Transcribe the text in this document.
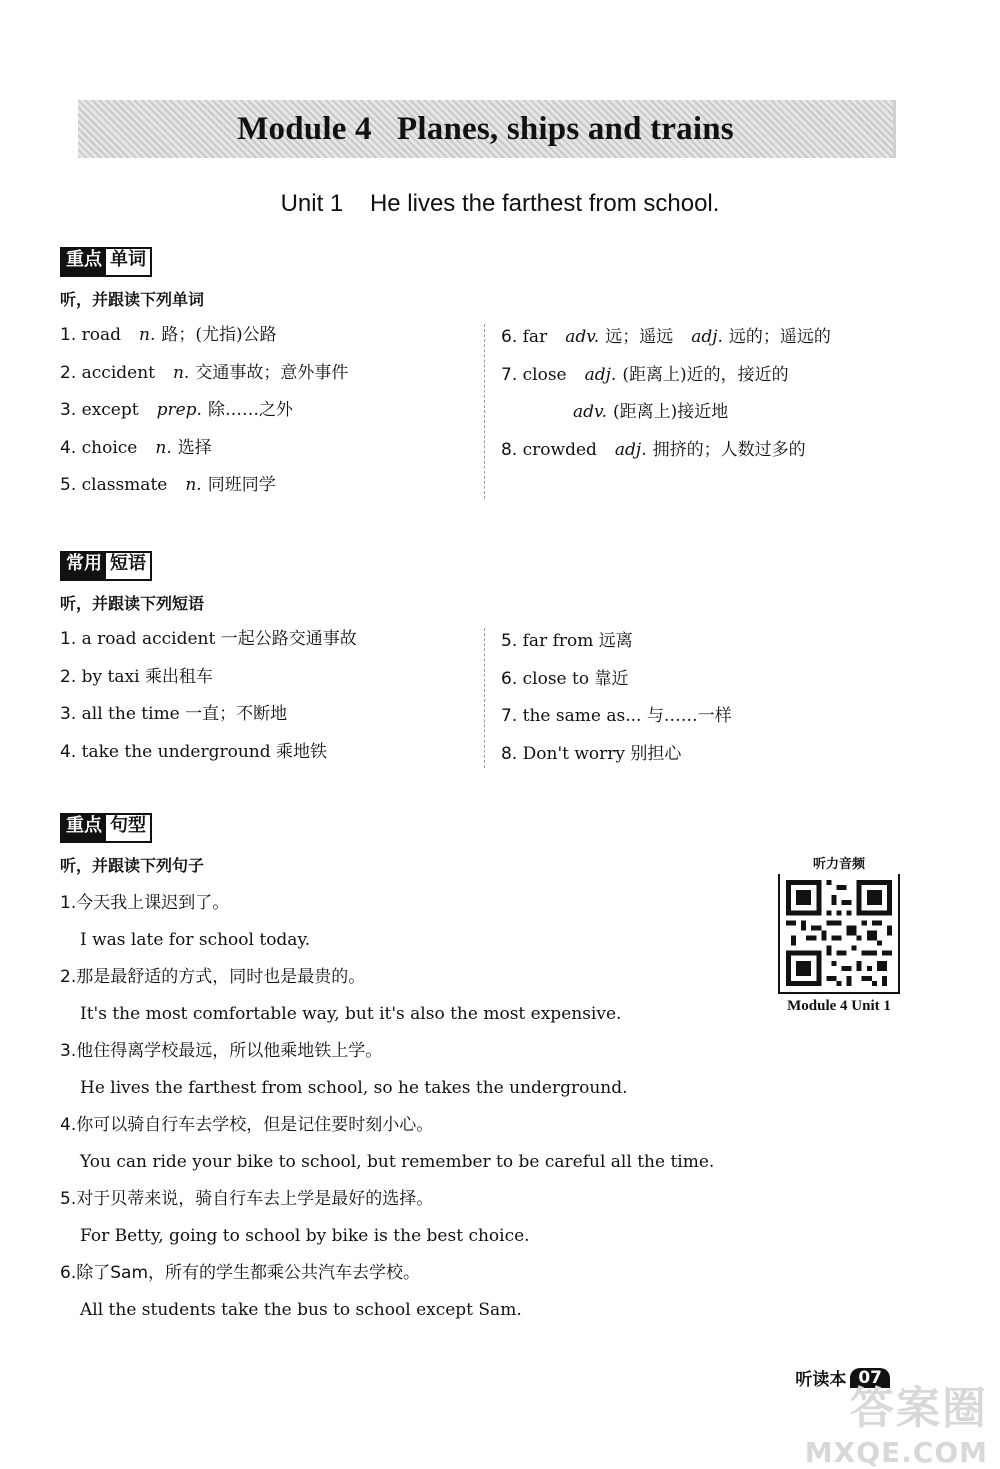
Module 4   Planes, ships and trains
Unit 1    He lives the farthest from school.
重点 单词
听，并跟读下列单词
1. road n. 路；(尤指)公路
2. accident n. 交通事故；意外事件
3. except prep. 除……之外
4. choice n. 选择
5. classmate n. 同班同学
6. far adv. 远；遥远 adj. 远的；遥远的
7. close adj. (距离上)近的，接近的
adv. (距离上)接近地
8. crowded adj. 拥挤的；人数过多的
常用 短语
听，并跟读下列短语
1. a road accident 一起公路交通事故
2. by taxi 乘出租车
3. all the time 一直；不断地
4. take the underground 乘地铁
5. far from 远离
6. close to 靠近
7. the same as... 与……一样
8. Don't worry 别担心
重点 句型
听，并跟读下列句子
1.今天我上课迟到了。
I was late for school today.
2.那是最舒适的方式，同时也是最贵的。
It's the most comfortable way, but it's also the most expensive.
3.他住得离学校最远，所以他乘地铁上学。
He lives the farthest from school, so he takes the underground.
4.你可以骑自行车去学校，但是记住要时刻小心。
You can ride your bike to school, but remember to be careful all the time.
5.对于贝蒂来说，骑自行车去上学是最好的选择。
For Betty, going to school by bike is the best choice.
6.除了Sam，所有的学生都乘公共汽车去学校。
All the students take the bus to school except Sam.
听力音频
Module 4 Unit 1
听读本 07
答案圈
MXQE.COM
